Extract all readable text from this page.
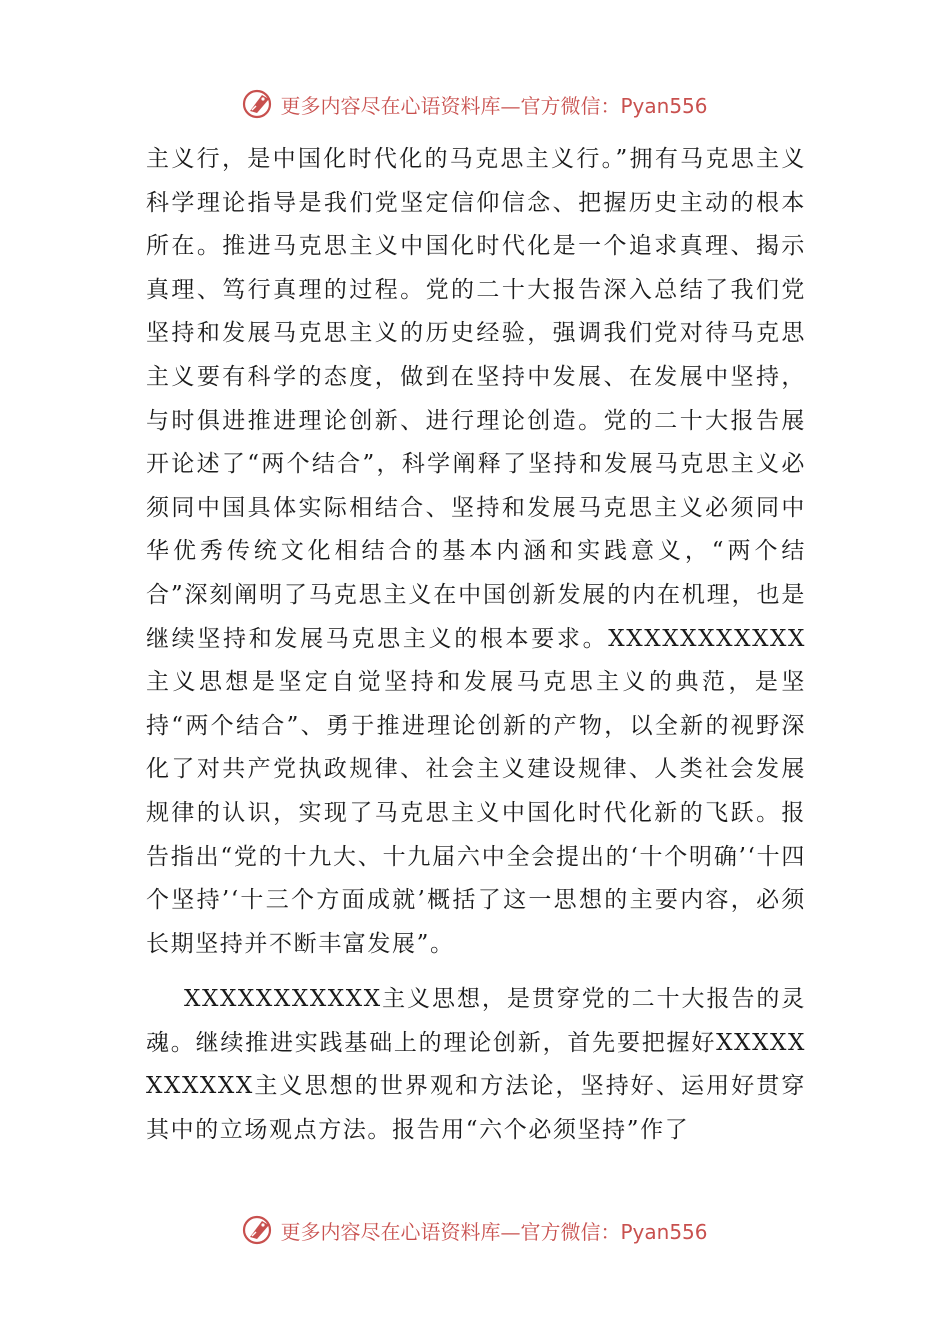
更多内容尽在心语资料库—官方微信：Pyan556

主义行，是中国化时代化的马克思主义行。”拥有马克思主义科学理论指导是我们党坚定信仰信念、把握历史主动的根本所在。推进马克思主义中国化时代化是一个追求真理、揭示真理、笃行真理的过程。党的二十大报告深入总结了我们党坚持和发展马克思主义的历史经验，强调我们党对待马克思主义要有科学的态度，做到在坚持中发展、在发展中坚持，与时俱进推进理论创新、进行理论创造。党的二十大报告展开论述了“两个结合”，科学阐释了坚持和发展马克思主义必须同中国具体实际相结合、坚持和发展马克思主义必须同中华优秀传统文化相结合的基本内涵和实践意义，“两个结合”深刻阐明了马克思主义在中国创新发展的内在机理，也是继续坚持和发展马克思主义的根本要求。XXXXXXXXXXX主义思想是坚定自觉坚持和发展马克思主义的典范，是坚持“两个结合”、勇于推进理论创新的产物，以全新的视野深化了对共产党执政规律、社会主义建设规律、人类社会发展规律的认识，实现了马克思主义中国化时代化新的飞跃。报告指出“党的十九大、十九届六中全会提出的‘十个明确’‘十四个坚持’‘十三个方面成就’概括了这一思想的主要内容，必须长期坚持并不断丰富发展”。

XXXXXXXXXXX主义思想，是贯穿党的二十大报告的灵魂。继续推进实践基础上的理论创新，首先要把握好XXXXXXXXXXX主义思想的世界观和方法论，坚持好、运用好贯穿其中的立场观点方法。报告用“六个必须坚持”作了

更多内容尽在心语资料库—官方微信：Pyan556
